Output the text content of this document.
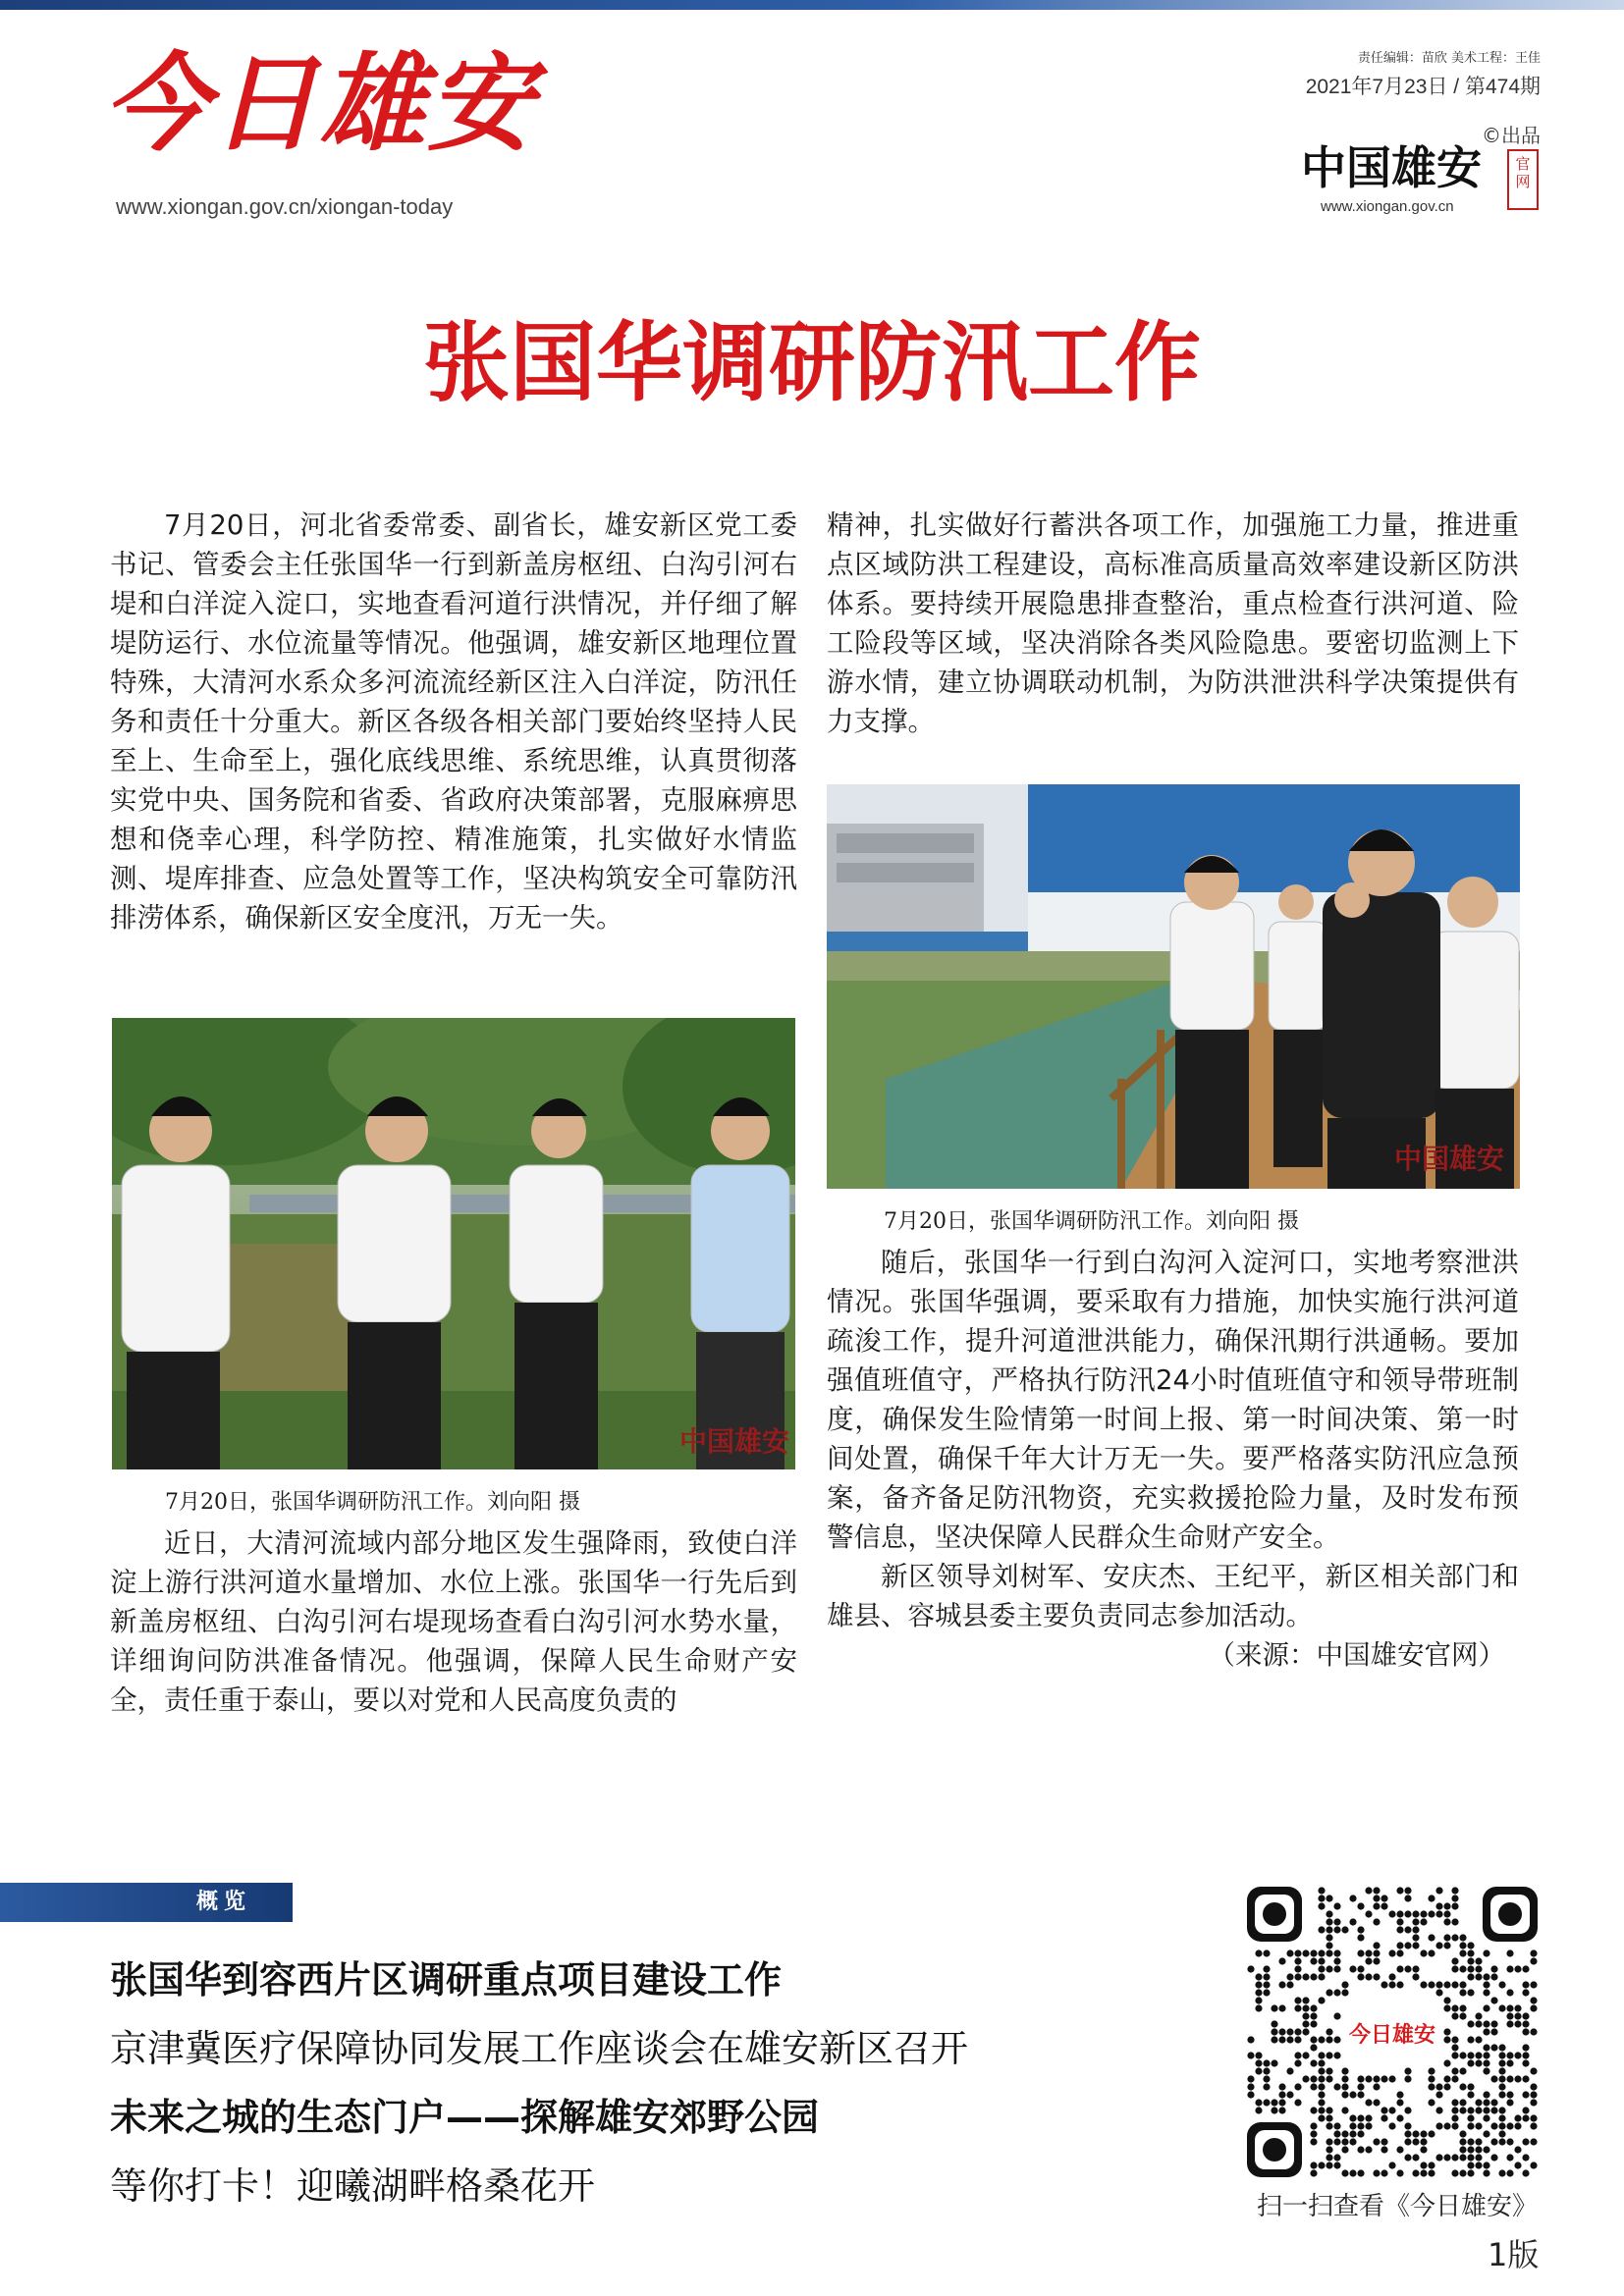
今日雄安
www.xiongan.gov.cn/xiongan-today
责任编辑：苗欣 美术工程：王佳
2021年7月23日 / 第474期
©出品
中国雄安	官网
www.xiongan.gov.cn
张国华调研防汛工作

7月20日，河北省委常委、副省长，雄安新区党工委书记、管委会主任张国华一行到新盖房枢纽、白沟引河右堤和白洋淀入淀口，实地查看河道行洪情况，并仔细了解堤防运行、水位流量等情况。他强调，雄安新区地理位置特殊，大清河水系众多河流流经新区注入白洋淀，防汛任务和责任十分重大。新区各级各相关部门要始终坚持人民至上、生命至上，强化底线思维、系统思维，认真贯彻落实党中央、国务院和省委、省政府决策部署，克服麻痹思想和侥幸心理，科学防控、精准施策，扎实做好水情监测、堤库排查、应急处置等工作，坚决构筑安全可靠防汛排涝体系，确保新区安全度汛，万无一失。

中国雄安
7月20日，张国华调研防汛工作。刘向阳 摄

近日，大清河流域内部分地区发生强降雨，致使白洋淀上游行洪河道水量增加、水位上涨。张国华一行先后到新盖房枢纽、白沟引河右堤现场查看白沟引河水势水量，详细询问防洪准备情况。他强调，保障人民生命财产安全，责任重于泰山，要以对党和人民高度负责的

精神，扎实做好行蓄洪各项工作，加强施工力量，推进重点区域防洪工程建设，高标准高质量高效率建设新区防洪体系。要持续开展隐患排查整治，重点检查行洪河道、险工险段等区域，坚决消除各类风险隐患。要密切监测上下游水情，建立协调联动机制，为防洪泄洪科学决策提供有力支撑。

中国雄安
7月20日，张国华调研防汛工作。刘向阳 摄

随后，张国华一行到白沟河入淀河口，实地考察泄洪情况。张国华强调，要采取有力措施，加快实施行洪河道疏浚工作，提升河道泄洪能力，确保汛期行洪通畅。要加强值班值守，严格执行防汛24小时值班值守和领导带班制度，确保发生险情第一时间上报、第一时间决策、第一时间处置，确保千年大计万无一失。要严格落实防汛应急预案，备齐备足防汛物资，充实救援抢险力量，及时发布预警信息，坚决保障人民群众生命财产安全。

新区领导刘树军、安庆杰、王纪平，新区相关部门和雄县、容城县委主要负责同志参加活动。

（来源：中国雄安官网）

概览
张国华到容西片区调研重点项目建设工作
京津冀医疗保障协同发展工作座谈会在雄安新区召开
未来之城的生态门户——探解雄安郊野公园
等你打卡！迎曦湖畔格桑花开
今日雄安
扫一扫查看《今日雄安》
1版
